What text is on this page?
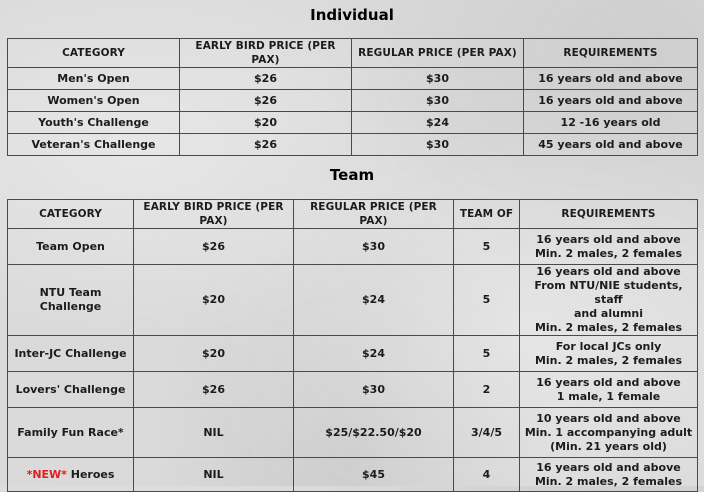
Individual
CATEGORY	EARLY BIRD PRICE (PER PAX)	REGULAR PRICE (PER PAX)	REQUIREMENTS
Men's Open	$26	$30	16 years old and above
Women's Open	$26	$30	16 years old and above
Youth's Challenge	$20	$24	12 -16 years old
Veteran's Challenge	$26	$30	45 years old and above
Team
CATEGORY	EARLY BIRD PRICE (PER PAX)	REGULAR PRICE (PER PAX)	TEAM OF	REQUIREMENTS
Team Open	$26	$30	5	16 years old and above
Min. 2 males, 2 females

NTU Team Challenge	$20	$24	5	16 years old and above
From NTU/NIE students, staff
and alumni
Min. 2 males, 2 females

Inter-JC Challenge	$20	$24	5	For local JCs only
Min. 2 males, 2 females

Lovers' Challenge	$26	$30	2	16 years old and above
1 male, 1 female

Family Fun Race*	NIL	$25/$22.50/$20	3/4/5	10 years old and above
Min. 1 accompanying adult
(Min. 21 years old)

*NEW* Heroes	NIL	$45	4	16 years old and above
Min. 2 males, 2 females
